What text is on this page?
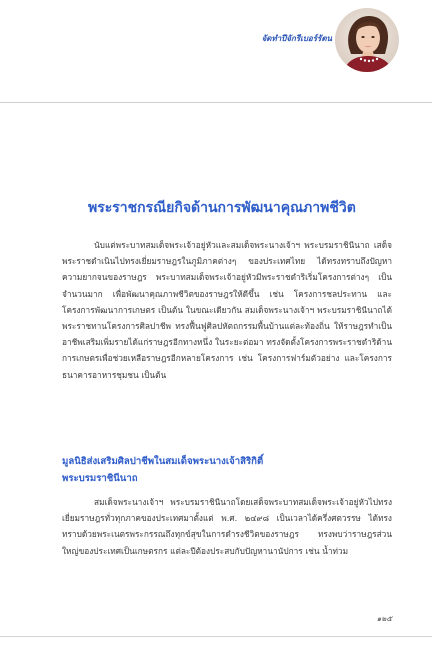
จัดทำปีจักรีเบอร์รัตน
พระราชกรณียกิจด้านการพัฒนาคุณภาพชีวิต

นับแต่พระบาทสมเด็จพระเจ้าอยู่หัวและสมเด็จพระนางเจ้าฯ พระบรมราชินีนาถ เสด็จพระราชดำเนินไปทรงเยี่ยมราษฎรในภูมิภาคต่างๆ ของประเทศไทย ได้ทรงทราบถึงปัญหาความยากจนของราษฎร พระบาทสมเด็จพระเจ้าอยู่หัวมีพระราชดำริเริ่มโครงการต่างๆ เป็นจำนวนมาก เพื่อพัฒนาคุณภาพชีวิตของราษฎรให้ดีขึ้น เช่น โครงการชลประทาน และโครงการพัฒนาการเกษตร เป็นต้น ในขณะเดียวกัน สมเด็จพระนางเจ้าฯ พระบรมราชินีนาถได้พระราชทานโครงการศิลปาชีพ ทรงฟื้นฟูศิลปหัตถกรรมพื้นบ้านแต่ละท้องถิ่น ให้ราษฎรทำเป็นอาชีพเสริมเพิ่มรายได้แก่ราษฎรอีกทางหนึ่ง ในระยะต่อมา ทรงจัดตั้งโครงการพระราชดำริด้านการเกษตรเพื่อช่วยเหลือราษฎรอีกหลายโครงการ เช่น โครงการฟาร์มตัวอย่าง และโครงการธนาคารอาหารชุมชน เป็นต้น

มูลนิธิส่งเสริมศิลปาชีพในสมเด็จพระนางเจ้าสิริกิติ์
พระบรมราชินีนาถ

สมเด็จพระนางเจ้าฯ พระบรมราชินีนาถโดยเสด็จพระบาทสมเด็จพระเจ้าอยู่หัวไปทรงเยี่ยมราษฎรทั่วทุกภาคของประเทศมาตั้งแต่ พ.ศ. ๒๔๙๘ เป็นเวลาได้ครึ่งศตวรรษ ได้ทรงทราบด้วยพระเนตรพระกรรณถึงทุกข์สุขในการดำรงชีวิตของราษฎร ทรงพบว่าราษฎรส่วนใหญ่ของประเทศเป็นเกษตรกร แต่ละปีต้องประสบกับปัญหานานัปการ เช่น น้ำท่วม

๑๒๕
